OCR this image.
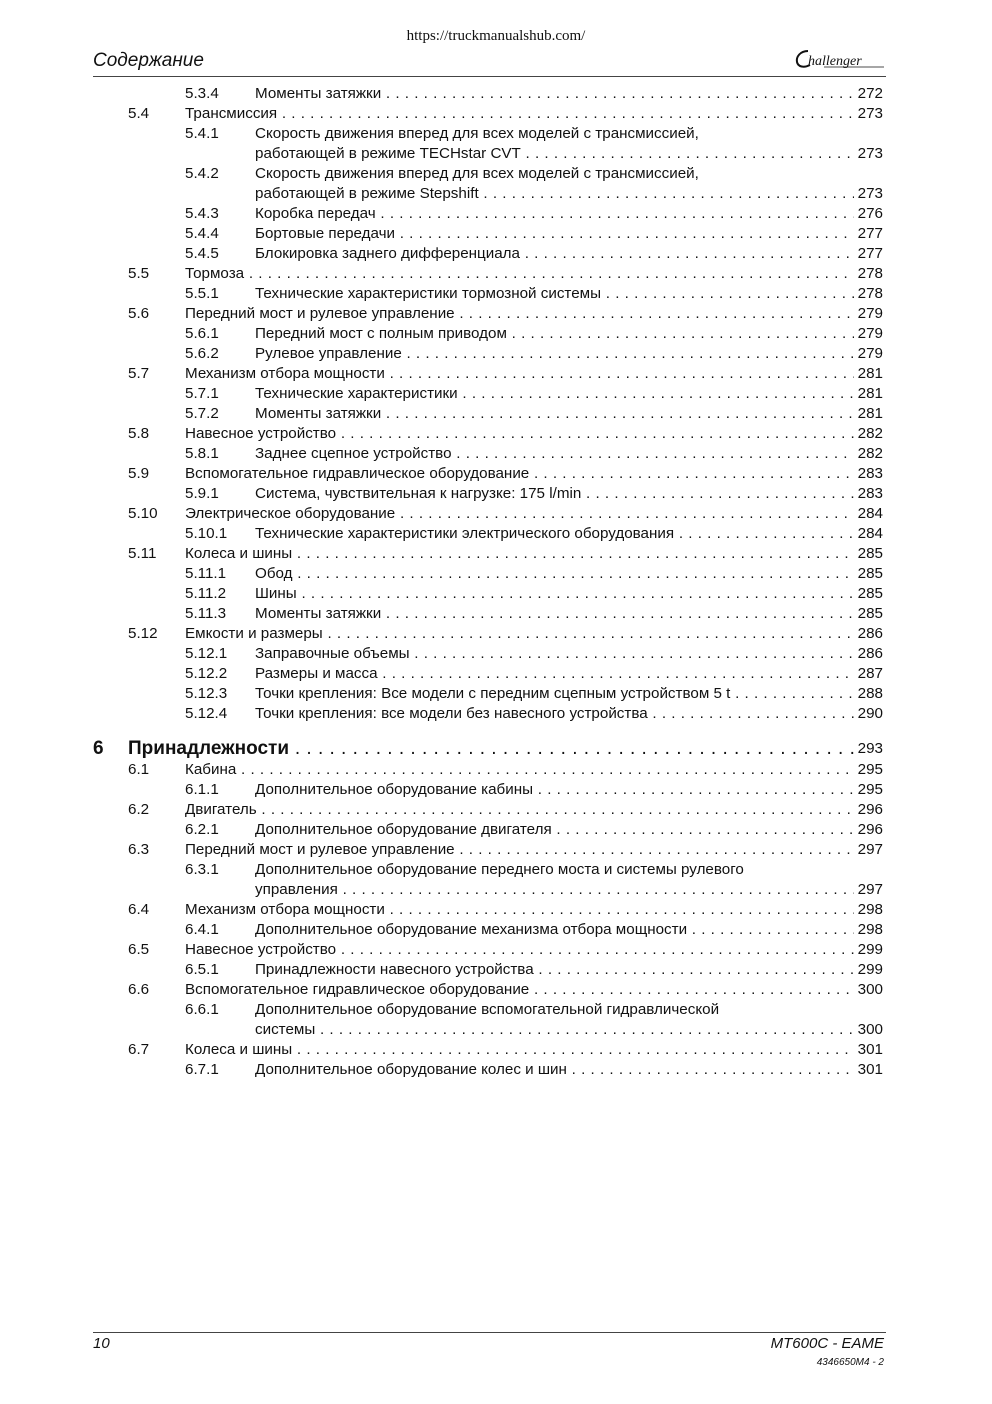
https://truckmanualshub.com/
Содержание	hallenger
5.3.4 Моменты затяжки . . .	272
5.4 Трансмиссия . . .	273
5.4.1 Скорость движения вперед для всех моделей с трансмиссией,
работающей в режиме TECHstar CVT . . .	273
5.4.2 Скорость движения вперед для всех моделей с трансмиссией,
работающей в режиме Stepshift . . .	273
5.4.3 Коробка передач . . .	276
5.4.4 Бортовые передачи . . .	277
5.4.5 Блокировка заднего дифференциала . . .	277
5.5 Тормоза . . .	278
5.5.1 Технические характеристики тормозной системы . . .	278
5.6 Передний мост и рулевое управление . . .	279
5.6.1 Передний мост с полным приводом . . .	279
5.6.2 Рулевое управление . . .	279
5.7 Механизм отбора мощности . . .	281
5.7.1 Технические характеристики . . .	281
5.7.2 Моменты затяжки . . .	281
5.8 Навесное устройство . . .	282
5.8.1 Заднее сцепное устройство . . .	282
5.9 Вспомогательное гидравлическое оборудование . . .	283
5.9.1 Система, чувствительная к нагрузке: 175 l/min . . .	283
5.10 Электрическое оборудование . . .	284
5.10.1 Технические характеристики электрического оборудования . . .	284
5.11 Колеса и шины . . .	285
5.11.1 Обод . . .	285
5.11.2 Шины . . .	285
5.11.3 Моменты затяжки . . .	285
5.12 Емкости и размеры . . .	286
5.12.1 Заправочные объемы . . .	286
5.12.2 Размеры и масса . . .	287
5.12.3 Точки крепления: Все модели с передним сцепным устройством 5 t . . .	288
5.12.4 Точки крепления: все модели без навесного устройства . . .	290
6 Принадлежности . . .	293
6.1 Кабина . . .	295
6.1.1 Дополнительное оборудование кабины . . .	295
6.2 Двигатель . . .	296
6.2.1 Дополнительное оборудование двигателя . . .	296
6.3 Передний мост и рулевое управление . . .	297
6.3.1 Дополнительное оборудование переднего моста и системы рулевого
управления . . .	297
6.4 Механизм отбора мощности . . .	298
6.4.1 Дополнительное оборудование механизма отбора мощности . . .	298
6.5 Навесное устройство . . .	299
6.5.1 Принадлежности навесного устройства . . .	299
6.6 Вспомогательное гидравлическое оборудование . . .	300
6.6.1 Дополнительное оборудование вспомогательной гидравлической
системы . . .	300
6.7 Колеса и шины . . .	301
6.7.1 Дополнительное оборудование колес и шин . . .	301
10	MT600C - EAME
4346650M4 - 2
